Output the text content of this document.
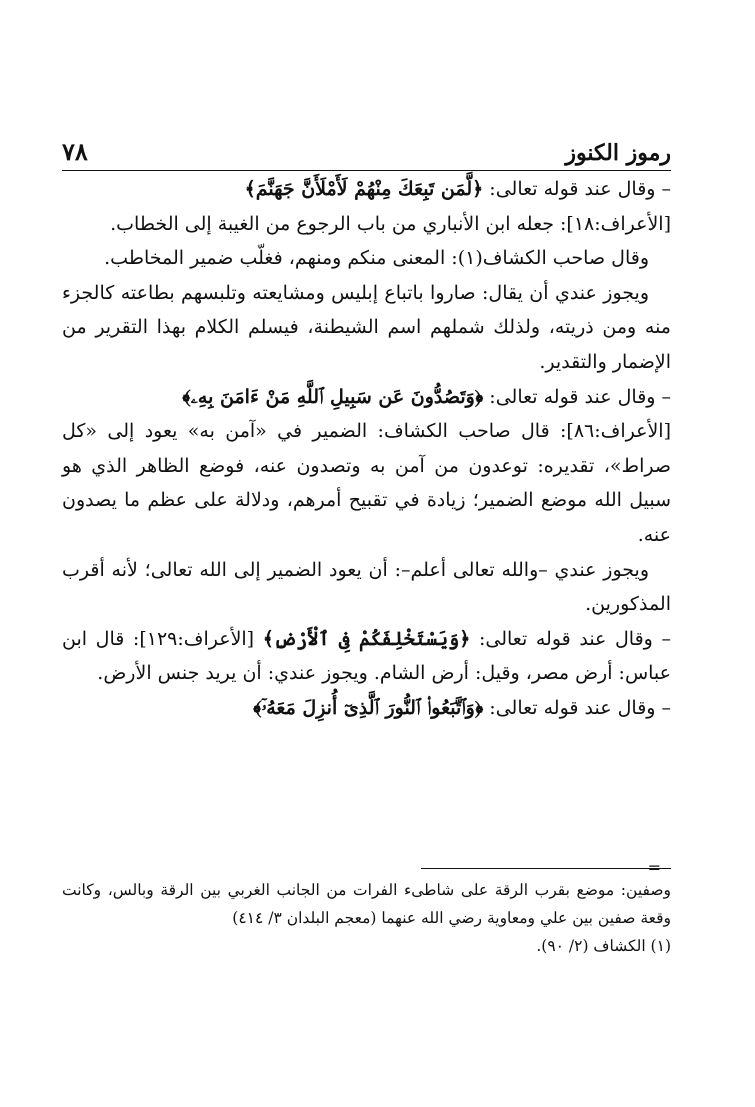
٧٨	رموز الكنوز

– وقال عند قوله تعالى: ﴿لَّمَن تَبِعَكَ مِنْهُمْ لَأَمْلَأَنَّ جَهَنَّمَ﴾

[الأعراف:١٨]: جعله ابن الأنباري من باب الرجوع من الغيبة إلى الخطاب.

وقال صاحب الكشاف(١): المعنى منكم ومنهم، فغلّب ضمير المخاطب.

ويجوز عندي أن يقال: صاروا باتباع إبليس ومشايعته وتلبسهم بطاعته كالجزء منه ومن ذريته، ولذلك شملهم اسم الشيطنة، فيسلم الكلام بهذا التقرير من الإضمار والتقدير.

– وقال عند قوله تعالى: ﴿وَتَصُدُّونَ عَن سَبِيلِ ٱللَّهِ مَنْ ءَامَنَ بِهِۦ﴾

[الأعراف:٨٦]: قال صاحب الكشاف: الضمير في «آمن به» يعود إلى «كل صراط»، تقديره: توعدون من آمن به وتصدون عنه، فوضع الظاهر الذي هو سبيل الله موضع الضمير؛ زيادة في تقبيح أمرهم، ودلالة على عظم ما يصدون عنه.

ويجوز عندي –والله تعالى أعلم–: أن يعود الضمير إلى الله تعالى؛ لأنه أقرب المذكورين.

– وقال عند قوله تعالى: ﴿وَيَسْتَخْلِفَكُمْ فِى ٱلْأَرْضِ﴾ [الأعراف:١٢٩]: قال ابن عباس: أرض مصر، وقيل: أرض الشام. ويجوز عندي: أن يريد جنس الأرض.

– وقال عند قوله تعالى: ﴿وَٱتَّبَعُوا۟ ٱلنُّورَ ٱلَّذِىٓ أُنزِلَ مَعَهُۥٓ﴾

=

وصفين: موضع بقرب الرقة على شاطىء الفرات من الجانب الغربي بين الرقة وبالس، وكانت وقعة صفين بين علي ومعاوية رضي الله عنهما (معجم البلدان ٣/ ٤١٤)

(١) الكشاف (٢/ ٩٠).
